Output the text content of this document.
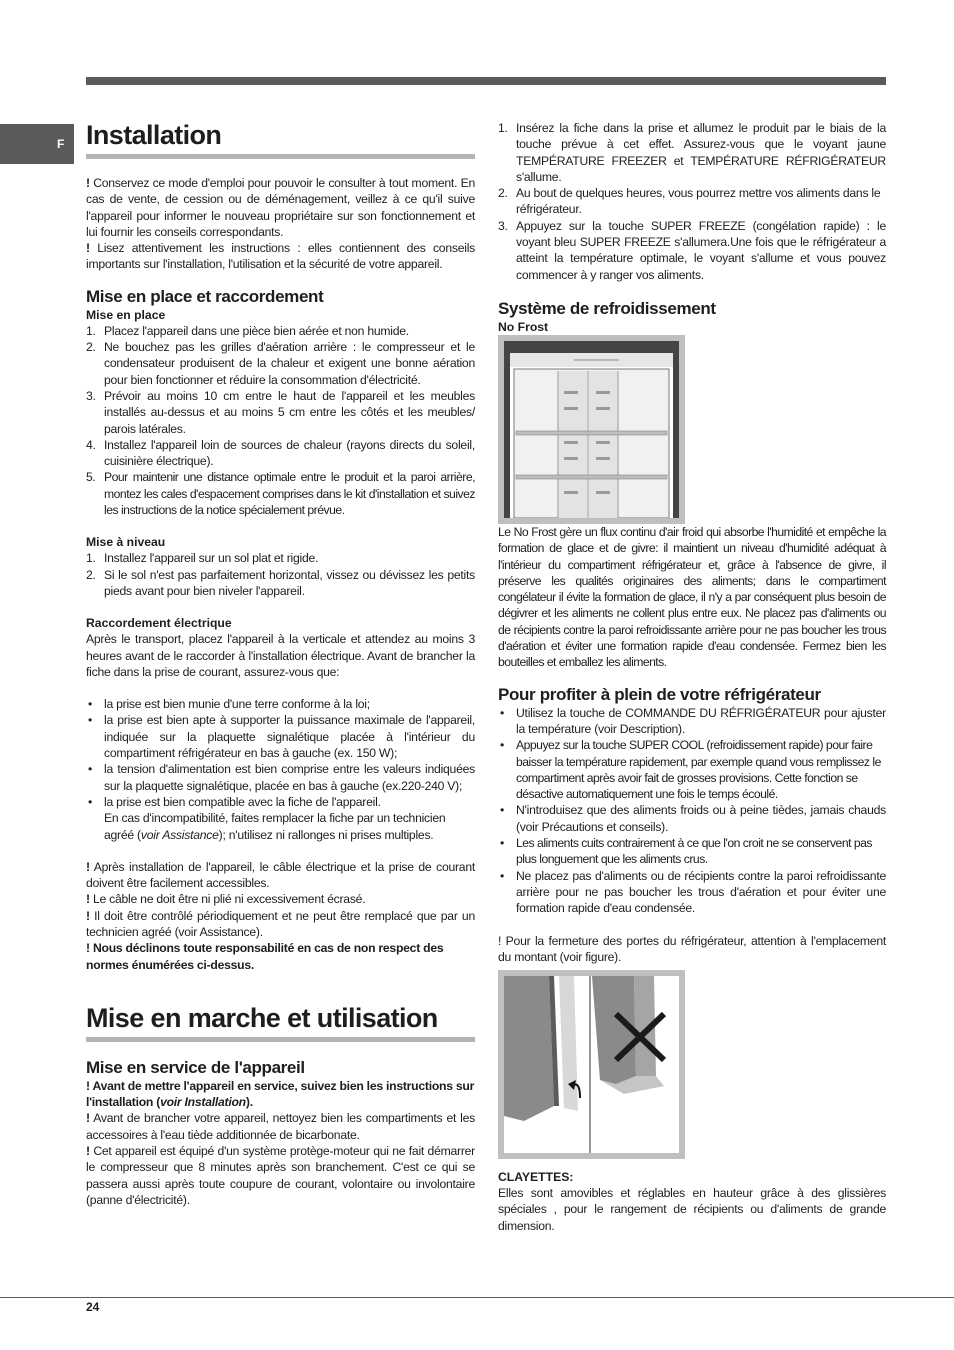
F Installation

! Conservez ce mode d'emploi pour pouvoir le consulter à tout moment. En cas de vente, de cession ou de déménagement, veillez à ce qu'il suive l'appareil pour informer le nouveau propriétaire sur son fonctionnement et lui fournir les conseils correspondants.

! Lisez attentivement les instructions : elles contiennent des conseils importants sur l'installation, l'utilisation et la sécurité de votre appareil.

Mise en place et raccordement
Mise en place
1. Placez l'appareil dans une pièce bien aérée et non humide.
2. Ne bouchez pas les grilles d'aération arrière : le compresseur et le condensateur produisent de la chaleur et exigent une bonne aération pour bien fonctionner et réduire la consommation d'électricité.
3. Prévoir au moins 10 cm entre le haut de l'appareil et les meubles installés au-dessus et au moins 5 cm entre les côtés et les meubles/ parois latérales.
4. Installez l'appareil loin de sources de chaleur (rayons directs du soleil, cuisinière électrique).
5. Pour maintenir une distance optimale entre le produit et la paroi arrière, montez les cales d'espacement comprises dans le kit d'installation et suivez les instructions de la notice spécialement prévue.
Mise à niveau
1. Installez l'appareil sur un sol plat et rigide.
2. Si le sol n'est pas parfaitement horizontal, vissez ou dévissez les petits pieds avant pour bien niveler l'appareil.
Raccordement électrique

Après le transport, placez l'appareil à la verticale et attendez au moins 3 heures avant de le raccorder à l'installation électrique. Avant de brancher la fiche dans la prise de courant, assurez-vous que:

• la prise est bien munie d'une terre conforme à la loi;
• la prise est bien apte à supporter la puissance maximale de l'appareil, indiquée sur la plaquette signalétique placée à l'intérieur du compartiment réfrigérateur en bas à gauche (ex. 150 W);
• la tension d'alimentation est bien comprise entre les valeurs indiquées sur la plaquette signalétique, placée en bas à gauche (ex.220-240 V);
• la prise est bien compatible avec la fiche de l'appareil.
En cas d'incompatibilité, faites remplacer la fiche par un technicien agréé (voir Assistance); n'utilisez ni rallonges ni prises multiples.

! Après installation de l'appareil, le câble électrique et la prise de courant doivent être facilement accessibles.

! Le câble ne doit être ni plié ni excessivement écrasé.

! Il doit être contrôlé périodiquement et ne peut être remplacé que par un technicien agréé (voir Assistance).

! Nous déclinons toute responsabilité en cas de non respect des normes énumérées ci-dessus.

Mise en marche et utilisation
Mise en service de l'appareil

! Avant de mettre l'appareil en service, suivez bien les instructions sur l'installation (voir Installation).

! Avant de brancher votre appareil, nettoyez bien les compartiments et les accessoires à l'eau tiède additionnée de bicarbonate.

! Cet appareil est équipé d'un système protège-moteur qui ne fait démarrer le compresseur que 8 minutes après son branchement. C'est ce qui se passera aussi après toute coupure de courant, volontaire ou involontaire (panne d'électricité).

1. Insérez la fiche dans la prise et allumez le produit par le biais de la touche prévue à cet effet. Assurez-vous que le voyant jaune TEMPÉRATURE FREEZER et TEMPÉRATURE RÉFRIGÉRATEUR s'allume.
2. Au bout de quelques heures, vous pourrez mettre vos aliments dans le réfrigérateur.
3. Appuyez sur la touche SUPER FREEZE (congélation rapide) : le voyant bleu SUPER FREEZE s'allumera.Une fois que le réfrigérateur a atteint la température optimale, le voyant s'allume et vous pouvez commencer à y ranger vos aliments.
Système de refroidissement
No Frost

Le No Frost gère un flux continu d'air froid qui absorbe l'humidité et empêche la formation de glace et de givre: il maintient un niveau d'humidité adéquat à l'intérieur du compartiment réfrigérateur et, grâce à l'absence de givre, il préserve les qualités originaires des aliments; dans le compartiment congélateur il évite la formation de glace, il n'y a par conséquent plus besoin de dégivrer et les aliments ne collent plus entre eux. Ne placez pas d'aliments ou de récipients contre la paroi refroidissante arrière pour ne pas boucher les trous d'aération et éviter une formation rapide d'eau condensée. Fermez bien les bouteilles et emballez les aliments.

Pour profiter à plein de votre réfrigérateur
• Utilisez la touche de COMMANDE DU RÉFRIGÉRATEUR pour ajuster la température (voir Description).
• Appuyez sur la touche SUPER COOL (refroidissement rapide) pour faire baisser la température rapidement, par exemple quand vous remplissez le compartiment après avoir fait de grosses provisions. Cette fonction se désactive automatiquement une fois le temps écoulé.
• N'introduisez que des aliments froids ou à peine tièdes, jamais chauds (voir Précautions et conseils).
• Les aliments cuits contrairement à ce que l'on croit ne se conservent pas plus longuement que les aliments crus.
• Ne placez pas d'aliments ou de récipients contre la paroi refroidissante arrière pour ne pas boucher les trous d'aération et pour éviter une formation rapide d'eau condensée.

! Pour la fermeture des portes du réfrigérateur, attention à l'emplacement du montant (voir figure).

CLAYETTES:

Elles sont amovibles et réglables en hauteur grâce à des glissières spéciales , pour le rangement de récipients ou d'aliments de grande dimension.

24
